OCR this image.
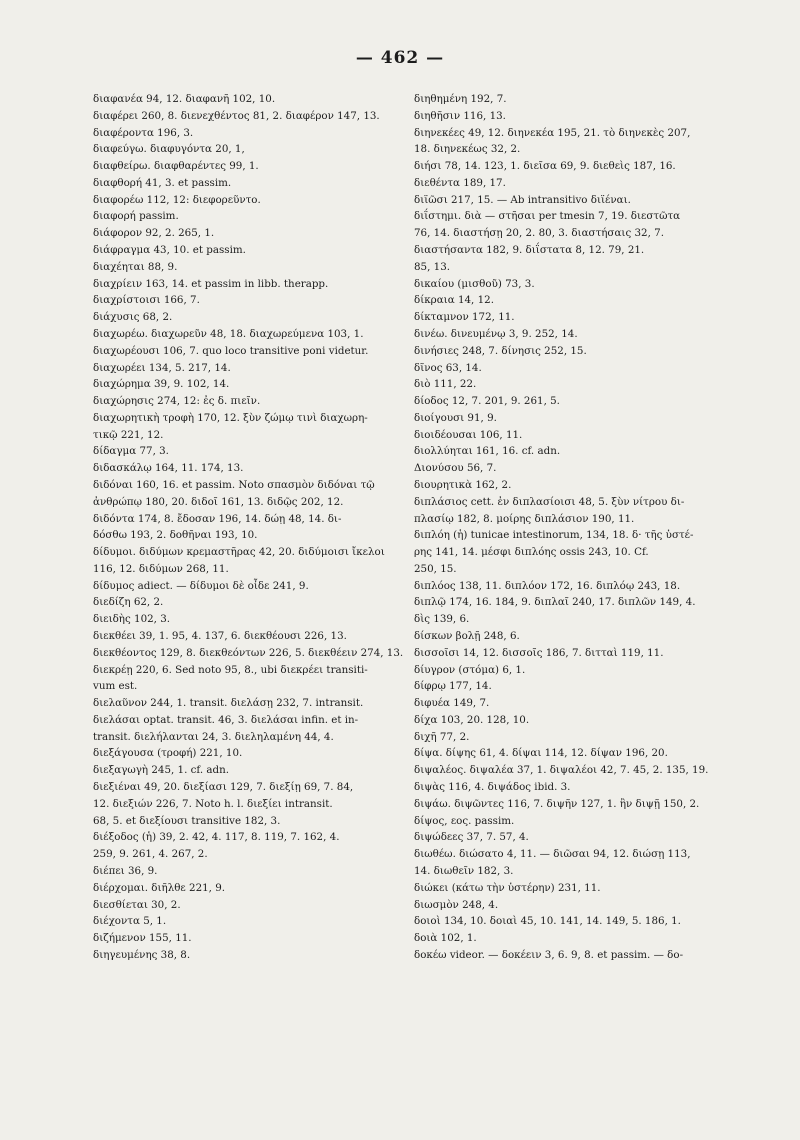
— 462 —

διαφανέα 94, 12. διαφανῆ 102, 10.

διαφέρει 260, 8. διενεχθέντος 81, 2. διαφέρον 147, 13.

διαφέροντα 196, 3.

διαφεύγω. διαφυγόντα 20, 1,

διαφθείρω. διαφθαρέντες 99, 1.

διαφθορή 41, 3. et passim.

διαφορέω 112, 12: διεφορεῦντο.

διαφορή passim.

διάφορον 92, 2. 265, 1.

διάφραγμα 43, 10. et passim.

διαχέηται 88, 9.

διαχρίειν 163, 14. et passim in libb. therapp.

διαχρίστοισι 166, 7.

διάχυσις 68, 2.

διαχωρέω. διαχωρεῦν 48, 18. διαχωρεύμενα 103, 1.

διαχωρέουσι 106, 7. quo loco transitive poni videtur.

διαχωρέει 134, 5. 217, 14.

διαχώρημα 39, 9. 102, 14.

διαχώρησις 274, 12: ἐς δ. πιεῖν.

διαχωρητικὴ τροφὴ 170, 12. ξὺν ζώμῳ τινὶ διαχωρη-
τικῷ 221, 12.

δίδαγμα 77, 3.

διδασκάλῳ 164, 11. 174, 13.

διδόναι 160, 16. et passim. Noto σπασμὸν διδόναι τῷ
ἀνθρώπῳ 180, 20. διδοῖ 161, 13. διδῷς 202, 12.
διδόντα 174, 8. ἔδοσαν 196, 14. δώῃ 48, 14. δι-
δόσθω 193, 2. δοθῆναι 193, 10.

δίδυμοι. διδύμων κρεμαστῆρας 42, 20. διδύμοισι ἴκελοι
116, 12. διδύμων 268, 11.

δίδυμος adiect. — δίδυμοι δὲ οἶδε 241, 9.

διεδίζη 62, 2.

διειδὴς 102, 3.

διεκθέει 39, 1. 95, 4. 137, 6. διεκθέουσι 226, 13.
διεκθέοντος 129, 8. διεκθεόντων 226, 5. διεκθέειν 274, 13.

διεκρέῃ 220, 6. Sed noto 95, 8., ubi διεκρέει transiti-
vum est.

διελαῦνον 244, 1. transit. διελάσῃ 232, 7. intransit.
διελάσαι optat. transit. 46, 3. διελάσαι infin. et in-
transit. διελήλανται 24, 3. διεληλαμένη 44, 4.

διεξάγουσα (τροφή) 221, 10.

διεξαγωγὴ 245, 1. cf. adn.

διεξιέναι 49, 20. διεξίασι 129, 7. διεξίῃ 69, 7. 84,
12. διεξιών 226, 7. Noto h. l. διεξίει intransit.
68, 5. et διεξίουσι transitive 182, 3.

διέξοδος (ἡ) 39, 2. 42, 4. 117, 8. 119, 7. 162, 4.
259, 9. 261, 4. 267, 2.

διέπει 36, 9.

διέρχομαι. διῆλθε 221, 9.

διεσθίεται 30, 2.

διέχοντα 5, 1.

διζήμενον 155, 11.

διηγευμένης 38, 8.

διηθημένη 192, 7.

διηθῆσιν 116, 13.

διηνεκέες 49, 12. διηνεκέα 195, 21. τὸ διηνεκὲς 207,
18. διηνεκέως 32, 2.

διήσι 78, 14. 123, 1. διεῖσα 69, 9. διεθεὶς 187, 16.
διεθέντα 189, 17.

διϊῶσι 217, 15. — Ab intransitivo διϊέναι.

διΐστημι. διὰ — στῆσαι per tmesin 7, 19. διεστῶτα
76, 14. διαστήσῃ 20, 2. 80, 3. διαστήσαις 32, 7.
διαστήσαντα 182, 9. διΐστατα 8, 12. 79, 21.
85, 13.

δικαίου (μισθοῦ) 73, 3.

δίκραια 14, 12.

δίκταμνον 172, 11.

δινέω. δινευμένῳ 3, 9. 252, 14.

δινήσιες 248, 7. δίνησις 252, 15.

δῖνος 63, 14.

διὸ 111, 22.

δίοδος 12, 7. 201, 9. 261, 5.

διοίγουσι 91, 9.

διοιδέουσαι 106, 11.

διολλύηται 161, 16. cf. adn.

Διονύσου 56, 7.

διουρητικὰ 162, 2.

διπλάσιος cett. ἐν διπλασίοισι 48, 5. ξὺν νίτρου δι-
πλασίῳ 182, 8. μοίρης διπλάσιον 190, 11.

διπλόη (ἡ) tunicae intestinorum, 134, 18. δ· τῆς ὑστέ-
ρης 141, 14. μέσφι διπλόης ossis 243, 10. Cf.
250, 15.

διπλόος 138, 11. διπλόον 172, 16. διπλόῳ 243, 18.
διπλῷ 174, 16. 184, 9. διπλαῖ 240, 17. διπλῶν 149, 4.

δὶς 139, 6.

δίσκων βολῇ 248, 6.

δισσοῖσι 14, 12. δισσοῖς 186, 7. διτταὶ 119, 11.

δίυγρον (στόμα) 6, 1.

δίφρῳ 177, 14.

διφυέα 149, 7.

δίχα 103, 20. 128, 10.

διχῆ 77, 2.

δίψα. δίψης 61, 4. δίψαι 114, 12. δίψαν 196, 20.

διψαλέος. διψαλέα 37, 1. διψαλέοι 42, 7. 45, 2. 135, 19.

διψὰς 116, 4. διψάδος ibid. 3.

διψάω. διψῶντες 116, 7. διψῆν 127, 1. ἢν διψῇ 150, 2.

δίψος, εος. passim.

διψώδεες 37, 7. 57, 4.

διωθέω. διώσατο 4, 11. — διῶσαι 94, 12. διώσῃ 113,
14. διωθεῖν 182, 3.

διώκει (κάτω τὴν ὑστέρην) 231, 11.

διωσμὸν 248, 4.

δοιοὶ 134, 10. δοιαὶ 45, 10. 141, 14. 149, 5. 186, 1.
δοιὰ 102, 1.

δοκέω videor. — δοκέειν 3, 6. 9, 8. et passim. — δο-
